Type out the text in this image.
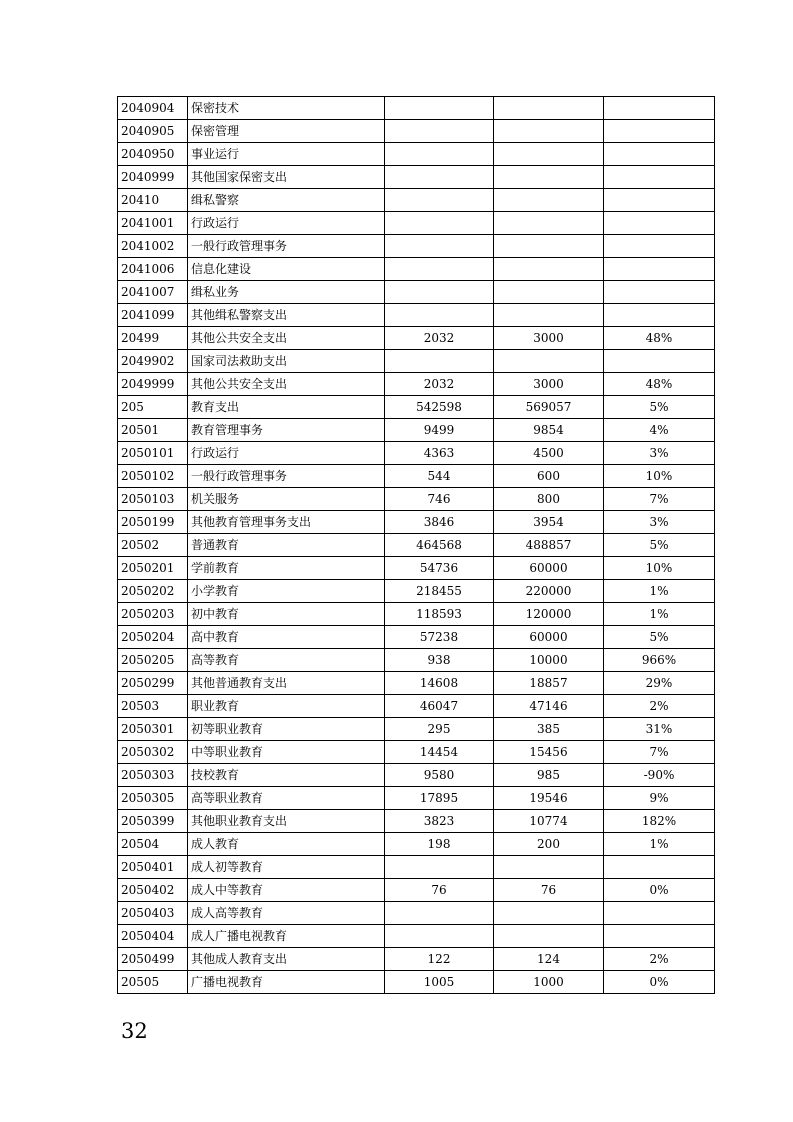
2040904	保密技术			
2040905	保密管理			
2040950	事业运行			
2040999	其他国家保密支出			
20410	缉私警察			
2041001	行政运行			
2041002	一般行政管理事务			
2041006	信息化建设			
2041007	缉私业务			
2041099	其他缉私警察支出			
20499	其他公共安全支出	2032	3000	48%
2049902	国家司法救助支出			
2049999	其他公共安全支出	2032	3000	48%
205	教育支出	542598	569057	5%
20501	教育管理事务	9499	9854	4%
2050101	行政运行	4363	4500	3%
2050102	一般行政管理事务	544	600	10%
2050103	机关服务	746	800	7%
2050199	其他教育管理事务支出	3846	3954	3%
20502	普通教育	464568	488857	5%
2050201	学前教育	54736	60000	10%
2050202	小学教育	218455	220000	1%
2050203	初中教育	118593	120000	1%
2050204	高中教育	57238	60000	5%
2050205	高等教育	938	10000	966%
2050299	其他普通教育支出	14608	18857	29%
20503	职业教育	46047	47146	2%
2050301	初等职业教育	295	385	31%
2050302	中等职业教育	14454	15456	7%
2050303	技校教育	9580	985	-90%
2050305	高等职业教育	17895	19546	9%
2050399	其他职业教育支出	3823	10774	182%
20504	成人教育	198	200	1%
2050401	成人初等教育			
2050402	成人中等教育	76	76	0%
2050403	成人高等教育			
2050404	成人广播电视教育			
2050499	其他成人教育支出	122	124	2%
20505	广播电视教育	1005	1000	0%
32
